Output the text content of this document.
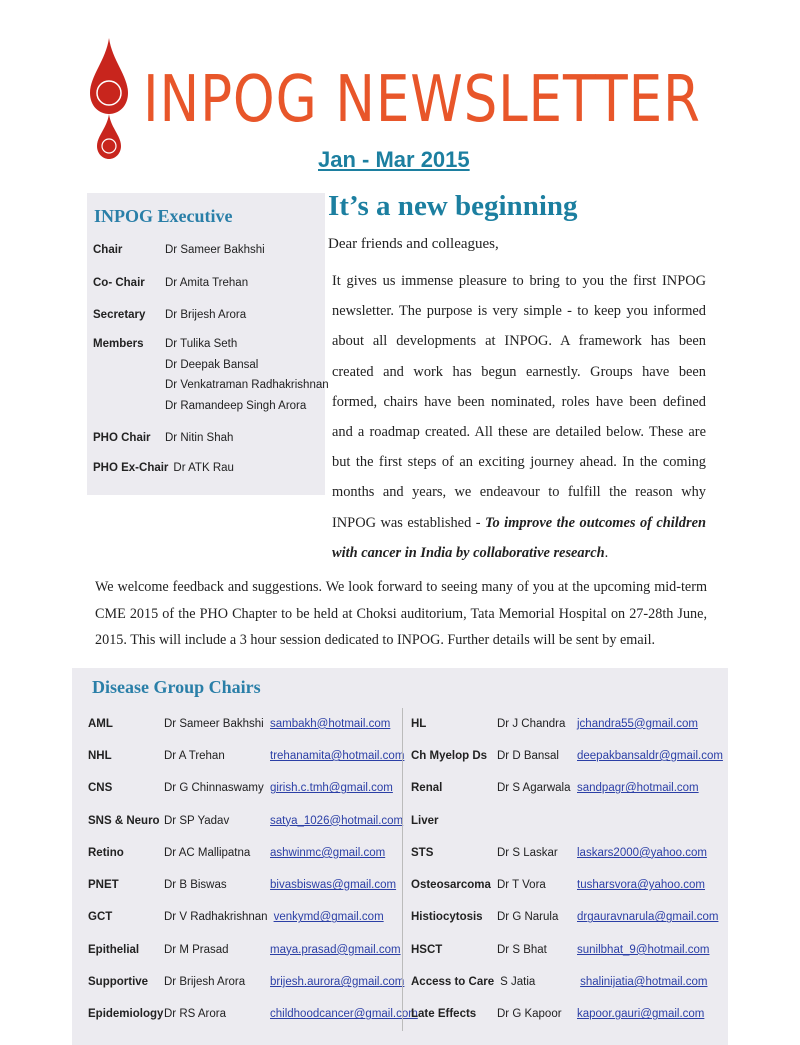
INPOG NEWSLETTER
Jan - Mar 2015
INPOG Executive
Chair	Dr Sameer Bakhshi
Co- Chair	Dr Amita Trehan
Secretary	Dr Brijesh Arora
Members	Dr Tulika Seth
Dr Deepak Bansal
Dr Venkatraman Radhakrishnan
Dr Ramandeep Singh Arora
PHO Chair	Dr Nitin Shah
PHO Ex-Chair Dr ATK Rau
It’s a new beginning
Dear friends and colleagues,
It gives us immense pleasure to bring to you the first INPOG newsletter. The purpose is very simple - to keep you informed about all developments at INPOG. A framework has been created and work has begun earnestly. Groups have been formed, chairs have been nominated, roles have been defined and a roadmap created. All these are detailed below. These are but the first steps of an exciting journey ahead. In the coming months and years, we endeavour to fulfill the reason why INPOG was established - To improve the outcomes of children with cancer in India by collaborative research.
We welcome feedback and suggestions. We look forward to seeing many of you at the upcoming mid-term CME 2015 of the PHO Chapter to be held at Choksi auditorium, Tata Memorial Hospital on 27-28th June, 2015. This will include a 3 hour session dedicated to INPOG. Further details will be sent by email.
Disease Group Chairs
AML	Dr Sameer Bakhshi sambakh@hotmail.com
NHL	Dr A Trehan	trehanamita@hotmail.com
CNS	Dr G Chinnaswamy girish.c.tmh@gmail.com
SNS & Neuro Dr SP Yadav	satya_1026@hotmail.com
Retino	Dr AC Mallipatna	ashwinmc@gmail.com
PNET	Dr B Biswas	bivasbiswas@gmail.com
GCT	Dr V Radhakrishnan venkymd@gmail.com
Epithelial	Dr M Prasad	maya.prasad@gmail.com
Supportive	Dr Brijesh Arora	brijesh.aurora@gmail.com
Epidemiology Dr RS Arora	childhoodcancer@gmail.com
HL	Dr J Chandra	jchandra55@gmail.com
Ch Myelop Ds Dr D Bansal	deepakbansaldr@gmail.com
Renal	Dr S Agarwala sandpagr@hotmail.com
Liver
STS	Dr S Laskar	laskars2000@yahoo.com
Osteosarcoma Dr T Vora	tusharsvora@yahoo.com
Histiocytosis	Dr G Narula	drgauravnarula@gmail.com
HSCT	Dr S Bhat	sunilbhat_9@hotmail.com
Access to Care S Jatia	shalinijatia@hotmail.com
Late Effects	Dr G Kapoor	kapoor.gauri@gmail.com
